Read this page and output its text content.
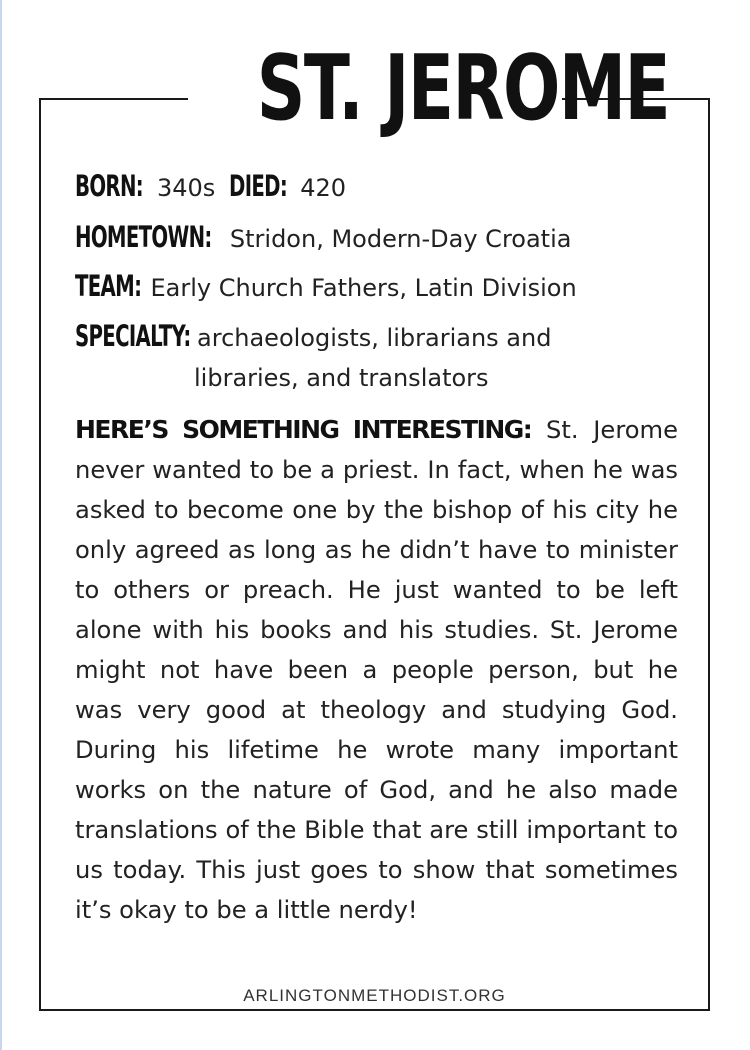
ST. JEROME
BORN: 340s DIED: 420
HOMETOWN: Stridon, Modern-Day Croatia
TEAM: Early Church Fathers, Latin Division
SPECIALTY: archaeologists, librarians and
libraries, and translators
HERE’S SOMETHING INTERESTING: St. Jerome never wanted to be a priest. In fact, when he was asked to become one by the bishop of his city he only agreed as long as he didn’t have to minister to others or preach. He just wanted to be left alone with his books and his studies. St. Jerome might not have been a people person, but he was very good at theology and studying God. During his lifetime he wrote many important works on the nature of God, and he also made translations of the Bible that are still important to us today. This just goes to show that sometimes it’s okay to be a little nerdy!
ARLINGTONMETHODIST.ORG
